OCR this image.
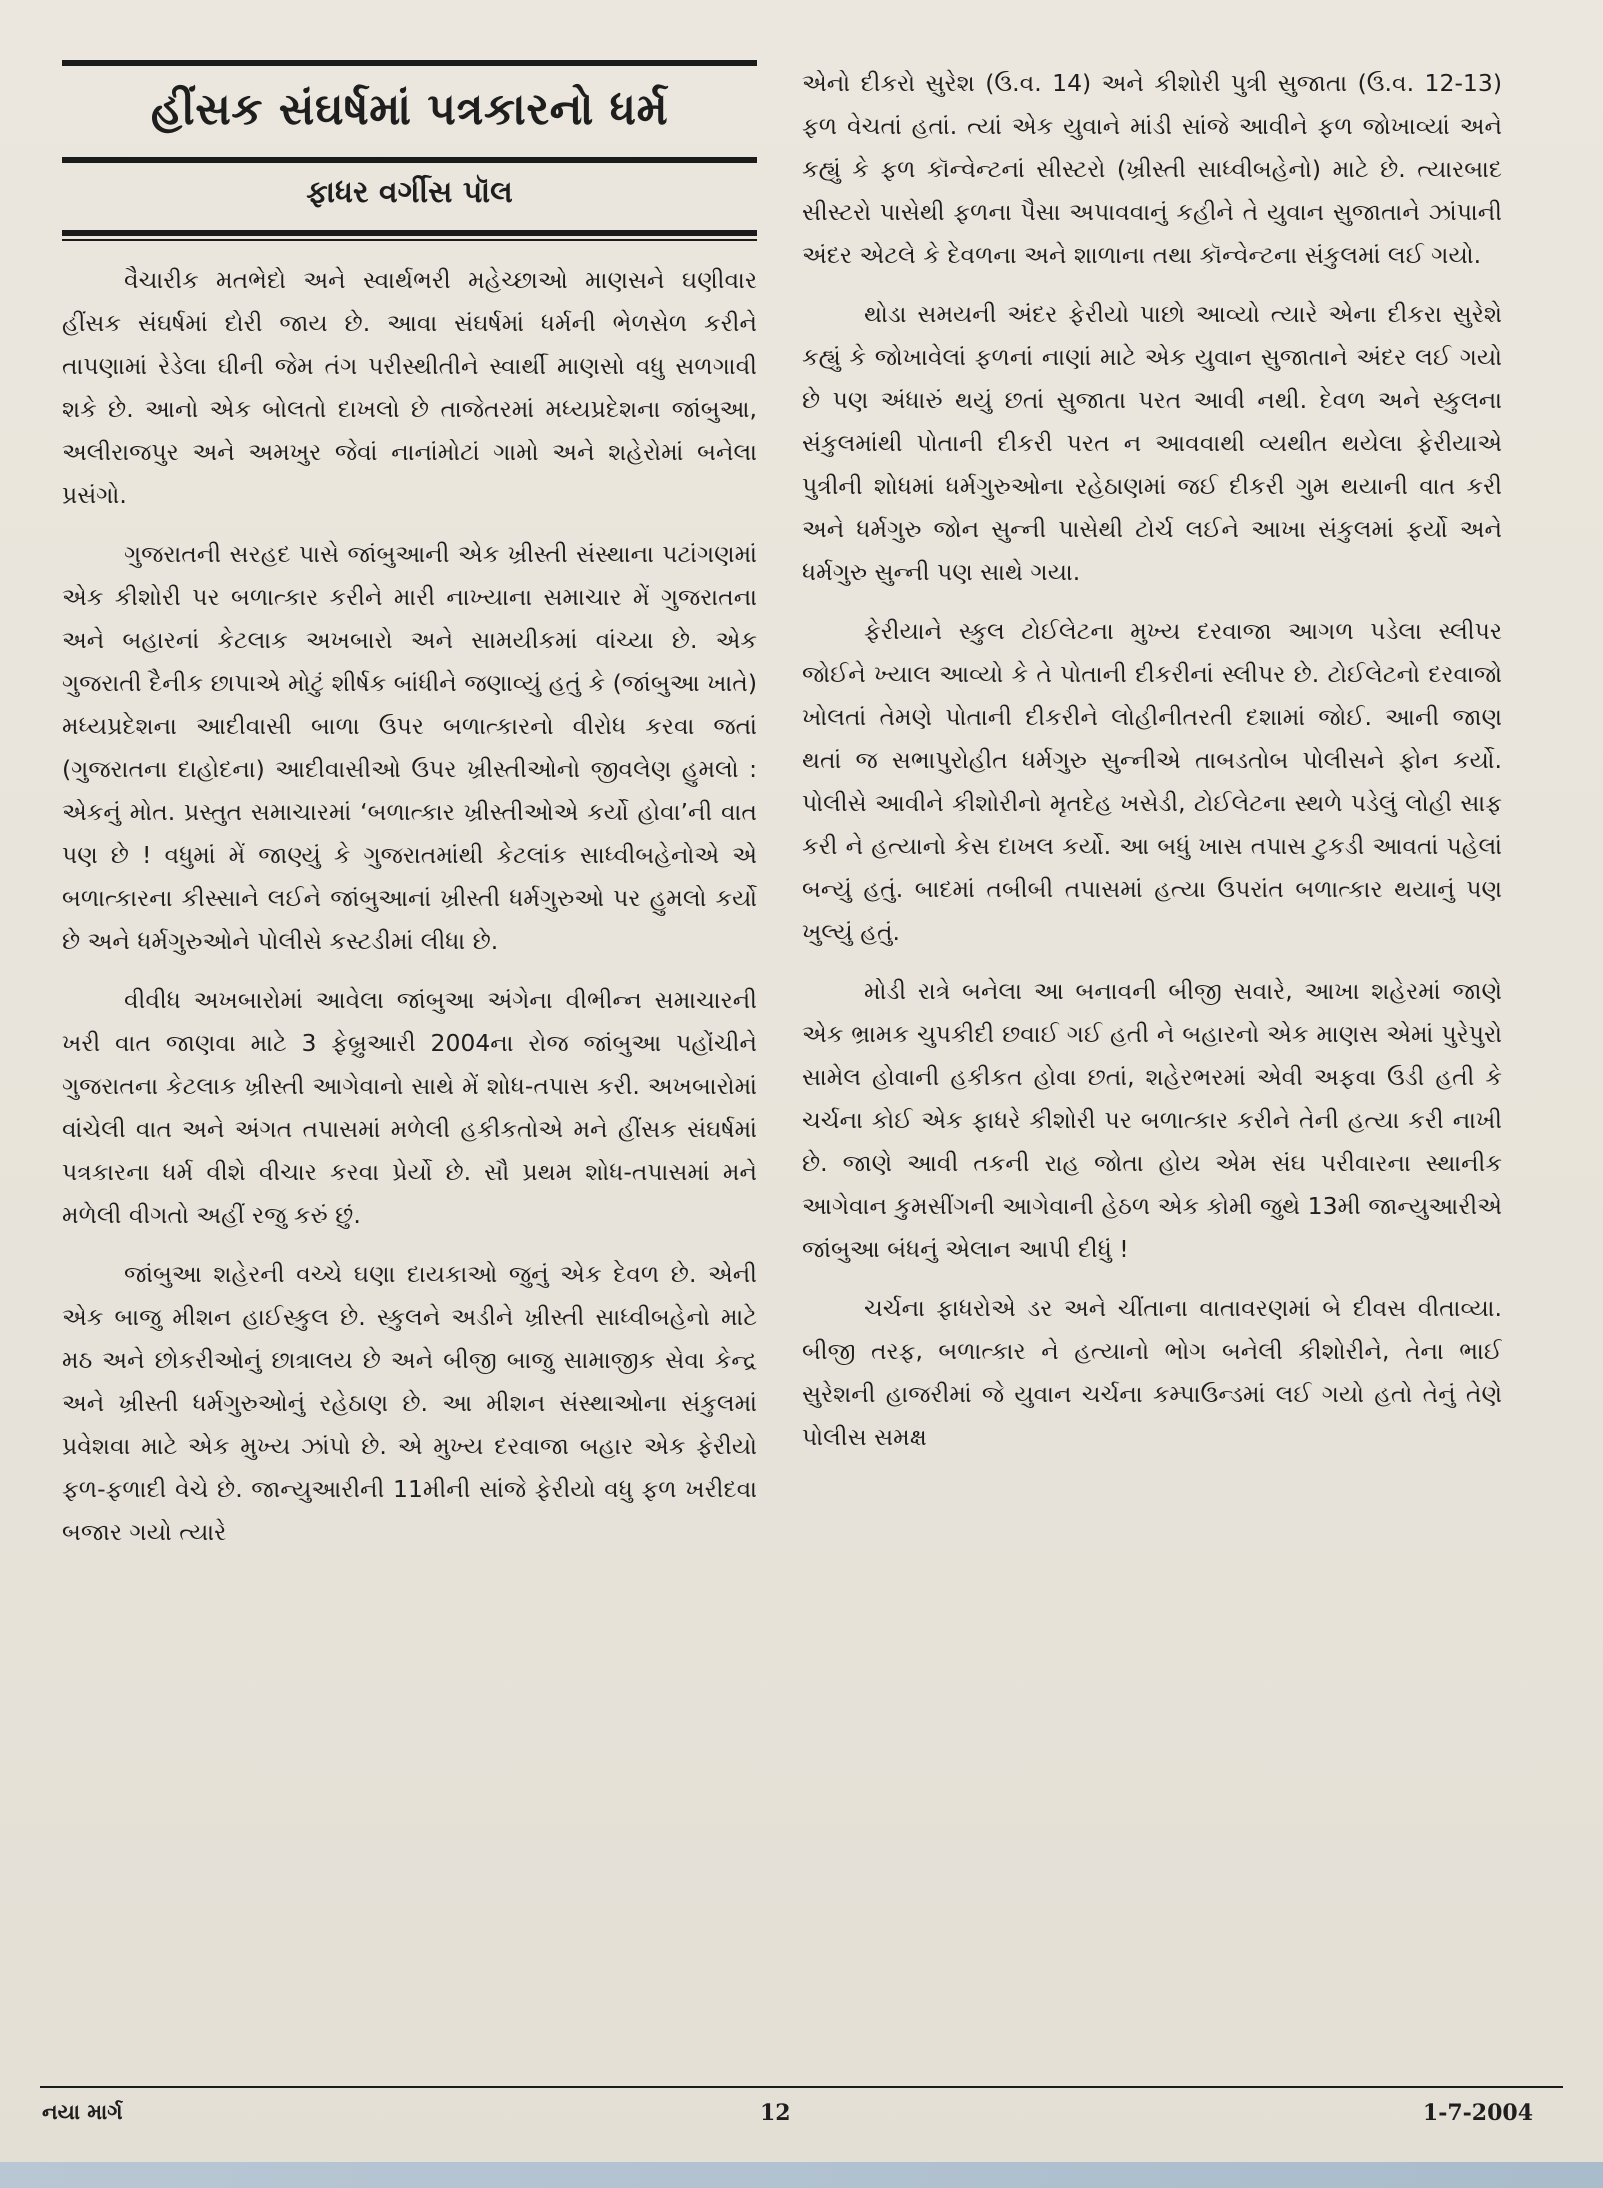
હીંસક સંઘર્ષમાં પત્રકારનો ધર્મ
ફાધર વર્ગીસ પૉલ

વૈચારીક મતભેદો અને સ્વાર્થભરી મહેચ્છાઓ માણસને ઘણીવાર હીંસક સંઘર્ષમાં દોરી જાય છે. આવા સંઘર્ષમાં ધર્મની ભેળસેળ કરીને તાપણામાં રેડેલા ઘીની જેમ તંગ પરીસ્થીતીને સ્વાર્થી માણસો વધુ સળગાવી શકે છે. આનો એક બોલતો દાખલો છે તાજેતરમાં મધ્યપ્રદેશના જાંબુઆ, અલીરાજપુર અને અમખુર જેવાં નાનાંમોટાં ગામો અને શહેરોમાં બનેલા પ્રસંગો.

ગુજરાતની સરહદ પાસે જાંબુઆની એક ખ્રીસ્તી સંસ્થાના પટાંગણમાં એક કીશોરી પર બળાત્કાર કરીને મારી નાખ્યાના સમાચાર મેં ગુજરાતના અને બહારનાં કેટલાક અખબારો અને સામયીકમાં વાંચ્યા છે. એક ગુજરાતી દૈનીક છાપાએ મોટું શીર્ષક બાંધીને જણાવ્યું હતું કે (જાંબુઆ ખાતે) મધ્યપ્રદેશના આદીવાસી બાળા ઉપર બળાત્કારનો વીરોધ કરવા જતાં (ગુજરાતના દાહોદના) આદીવાસીઓ ઉપર ખ્રીસ્તીઓનો જીવલેણ હુમલો : એકનું મોત. પ્રસ્તુત સમાચારમાં ‘બળાત્કાર ખ્રીસ્તીઓએ કર્યો હોવા’ની વાત પણ છે ! વધુમાં મેં જાણ્યું કે ગુજરાતમાંથી કેટલાંક સાધ્વીબહેનોએ એ બળાત્કારના કીસ્સાને લઈને જાંબુઆનાં ખ્રીસ્તી ધર્મગુરુઓ પર હુમલો કર્યો છે અને ધર્મગુરુઓને પોલીસે કસ્ટડીમાં લીધા છે.

વીવીધ અખબારોમાં આવેલા જાંબુઆ અંગેના વીભીન્ન સમાચારની ખરી વાત જાણવા માટે 3 ફેબ્રુઆરી 2004ના રોજ જાંબુઆ પહોંચીને ગુજરાતના કેટલાક ખ્રીસ્તી આગેવાનો સાથે મેં શોધ-તપાસ કરી. અખબારોમાં વાંચેલી વાત અને અંગત તપાસમાં મળેલી હકીકતોએ મને હીંસક સંઘર્ષમાં પત્રકારના ધર્મ વીશે વીચાર કરવા પ્રેર્યો છે. સૌ પ્રથમ શોધ-તપાસમાં મને મળેલી વીગતો અહીં રજુ કરું છું.

જાંબુઆ શહેરની વચ્ચે ઘણા દાયકાઓ જુનું એક દેવળ છે. એની એક બાજુ મીશન હાઈસ્કુલ છે. સ્કુલને અડીને ખ્રીસ્તી સાધ્વીબહેનો માટે મઠ અને છોકરીઓનું છાત્રાલય છે અને બીજી બાજુ સામાજીક સેવા કેન્દ્ર અને ખ્રીસ્તી ધર્મગુરુઓનું રહેઠાણ છે. આ મીશન સંસ્થાઓના સંકુલમાં પ્રવેશવા માટે એક મુખ્ય ઝાંપો છે. એ મુખ્ય દરવાજા બહાર એક ફેરીયો ફળ-ફળાદી વેચે છે. જાન્યુઆરીની 11મીની સાંજે ફેરીયો વધુ ફળ ખરીદવા બજાર ગયો ત્યારે

એનો દીકરો સુરેશ (ઉ.વ. 14) અને કીશોરી પુત્રી સુજાતા (ઉ.વ. 12-13) ફળ વેચતાં હતાં. ત્યાં એક યુવાને માંડી સાંજે આવીને ફળ જોખાવ્યાં અને કહ્યું કે ફળ કૉન્વેન્ટનાં સીસ્ટરો (ખ્રીસ્તી સાધ્વીબહેનો) માટે છે. ત્યારબાદ સીસ્ટરો પાસેથી ફળના પૈસા અપાવવાનું કહીને તે યુવાન સુજાતાને ઝાંપાની અંદર એટલે કે દેવળના અને શાળાના તથા કૉન્વેન્ટના સંકુલમાં લઈ ગયો.

થોડા સમયની અંદર ફેરીયો પાછો આવ્યો ત્યારે એના દીકરા સુરેશે કહ્યું કે જોખાવેલાં ફળનાં નાણાં માટે એક યુવાન સુજાતાને અંદર લઈ ગયો છે પણ અંધારું થયું છતાં સુજાતા પરત આવી નથી. દેવળ અને સ્કુલના સંકુલમાંથી પોતાની દીકરી પરત ન આવવાથી વ્યથીત થયેલા ફેરીયાએ પુત્રીની શોધમાં ધર્મગુરુઓના રહેઠાણમાં જઈ દીકરી ગુમ થયાની વાત કરી અને ધર્મગુરુ જોન સુન્ની પાસેથી ટોર્ચ લઈને આખા સંકુલમાં ફર્યો અને ધર્મગુરુ સુન્ની પણ સાથે ગયા.

ફેરીયાને સ્કુલ ટોઈલેટના મુખ્ય દરવાજા આગળ પડેલા સ્લીપર જોઈને ખ્યાલ આવ્યો કે તે પોતાની દીકરીનાં સ્લીપર છે. ટોઈલેટનો દરવાજો ખોલતાં તેમણે પોતાની દીકરીને લોહીનીતરતી દશામાં જોઈ. આની જાણ થતાં જ સભાપુરોહીત ધર્મગુરુ સુન્નીએ તાબડતોબ પોલીસને ફોન કર્યો. પોલીસે આવીને કીશોરીનો મૃતદેહ ખસેડી, ટોઈલેટના સ્થળે પડેલું લોહી સાફ કરી ને હત્યાનો કેસ દાખલ કર્યો. આ બધું ખાસ તપાસ ટુકડી આવતાં પહેલાં બન્યું હતું. બાદમાં તબીબી તપાસમાં હત્યા ઉપરાંત બળાત્કાર થયાનું પણ ખુલ્યું હતું.

મોડી રાત્રે બનેલા આ બનાવની બીજી સવારે, આખા શહેરમાં જાણે એક ભ્રામક ચુપકીદી છવાઈ ગઈ હતી ને બહારનો એક માણસ એમાં પુરેપુરો સામેલ હોવાની હકીકત હોવા છતાં, શહેરભરમાં એવી અફવા ઉડી હતી કે ચર્ચના કોઈ એક ફાધરે કીશોરી પર બળાત્કાર કરીને તેની હત્યા કરી નાખી છે. જાણે આવી તકની રાહ જોતા હોય એમ સંઘ પરીવારના સ્થાનીક આગેવાન કુમસીંગની આગેવાની હેઠળ એક કોમી જુથે 13મી જાન્યુઆરીએ જાંબુઆ બંધનું એલાન આપી દીધું !

ચર્ચના ફાધરોએ ડર અને ચીંતાના વાતાવરણમાં બે દીવસ વીતાવ્યા. બીજી તરફ, બળાત્કાર ને હત્યાનો ભોગ બનેલી કીશોરીને, તેના ભાઈ સુરેશની હાજરીમાં જે યુવાન ચર્ચના કમ્પાઉન્ડમાં લઈ ગયો હતો તેનું તેણે પોલીસ સમક્ષ

નયા માર્ગ	12	1-7-2004
